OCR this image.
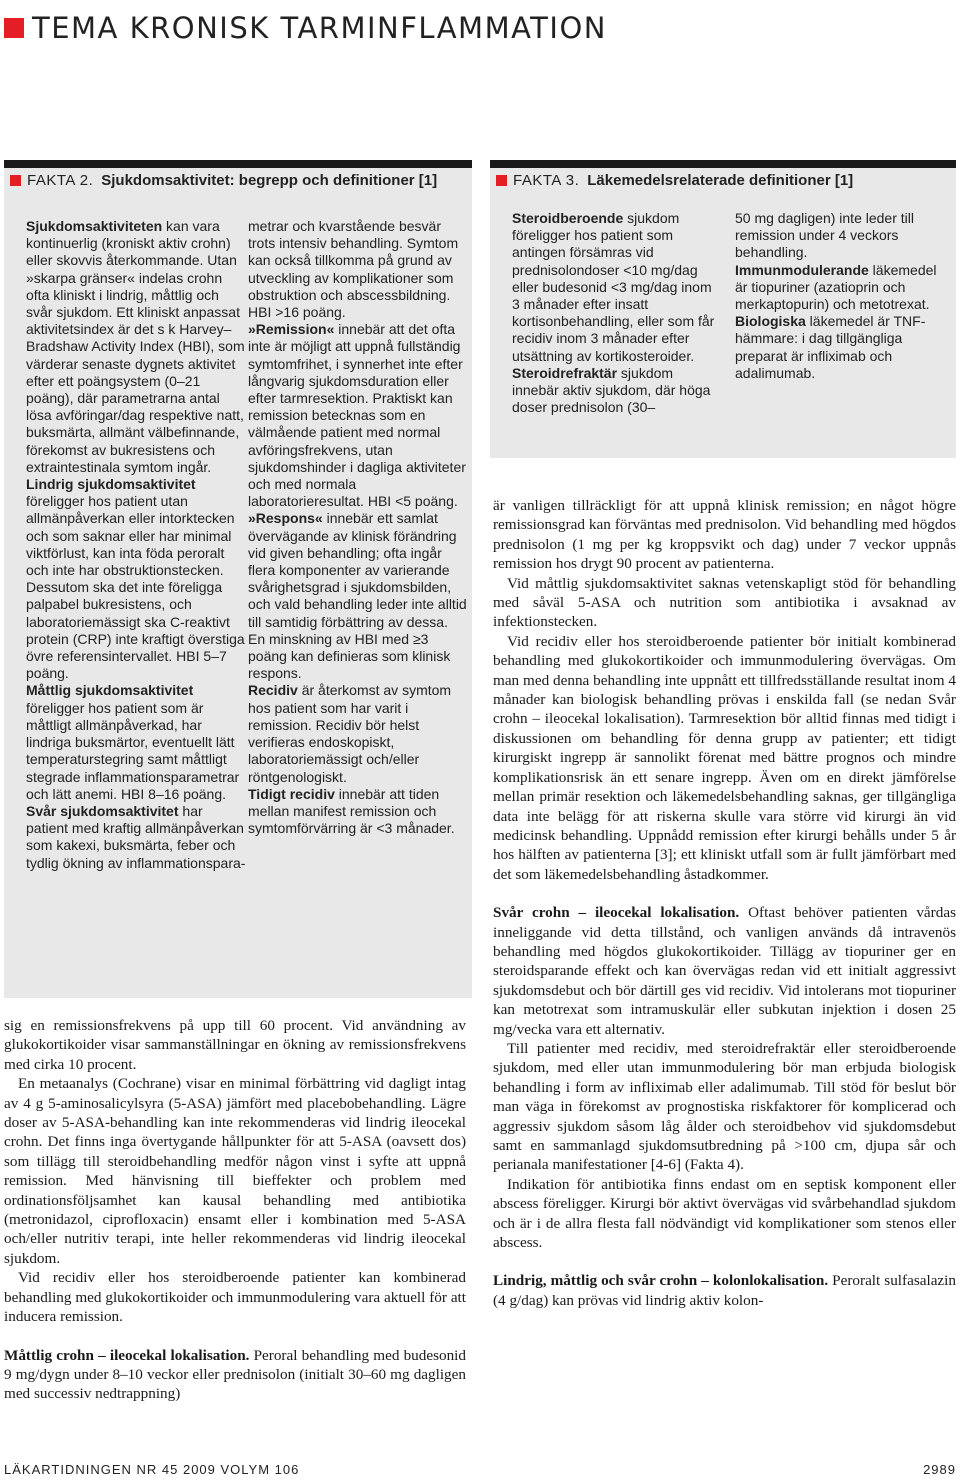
TEMA KRONISK TARMINFLAMMATION
FAKTA 2. Sjukdomsaktivitet: begrepp och definitioner [1]

Sjukdomsaktiviteten kan vara kontinuerlig (kroniskt aktiv crohn) eller skovvis återkommande. Utan »skarpa gränser« indelas crohn ofta kliniskt i lindrig, måttlig och svår sjukdom. Ett kliniskt anpassat aktivitetsindex är det s k Harvey–Bradshaw Activity Index (HBI), som värderar senaste dygnets aktivitet efter ett poängsystem (0–21 poäng), där parametrarna antal lösa avföringar/dag respektive natt, buksmärta, allmänt välbefinnande, förekomst av bukresistens och extraintestinala symtom ingår.

Lindrig sjukdomsaktivitet föreligger hos patient utan allmänpåverkan eller intorktecken och som saknar eller har minimal viktförlust, kan inta föda peroralt och inte har obstruktionstecken. Dessutom ska det inte föreligga palpabel bukresistens, och laboratoriemässigt ska C-reaktivt protein (CRP) inte kraftigt överstiga övre referensintervallet. HBI 5–7 poäng.

Måttlig sjukdomsaktivitet föreligger hos patient som är måttligt allmänpåverkad, har lindriga buksmärtor, eventuellt lätt temperaturstegring samt måttligt stegrade inflammationsparametrar och lätt anemi. HBI 8–16 poäng.

Svår sjukdomsaktivitet har patient med kraftig allmänpåverkan som kakexi, buksmärta, feber och tydlig ökning av inflammationspara-

metrar och kvarstående besvär trots intensiv behandling. Symtom kan också tillkomma på grund av utveckling av komplikationer som obstruktion och abscessbildning. HBI >16 poäng.

»Remission« innebär att det ofta inte är möjligt att uppnå fullständig symtomfrihet, i synnerhet inte efter långvarig sjukdomsduration eller efter tarmresektion. Praktiskt kan remission betecknas som en välmående patient med normal avföringsfrekvens, utan sjukdomshinder i dagliga aktiviteter och med normala laboratorieresultat. HBI <5 poäng.

»Respons« innebär ett samlat övervägande av klinisk förändring vid given behandling; ofta ingår flera komponenter av varierande svårighetsgrad i sjukdomsbilden, och vald behandling leder inte alltid till samtidig förbättring av dessa. En minskning av HBI med ≥3 poäng kan definieras som klinisk respons.

Recidiv är återkomst av symtom hos patient som har varit i remission. Recidiv bör helst verifieras endoskopiskt, laboratoriemässigt och/eller röntgenologiskt.

Tidigt recidiv innebär att tiden mellan manifest remission och symtomförvärring är <3 månader.

FAKTA 3. Läkemedelsrelaterade definitioner [1]

Steroidberoende sjukdom föreligger hos patient som antingen försämras vid prednisolondoser <10 mg/dag eller budesonid <3 mg/dag inom 3 månader efter insatt kortisonbehandling, eller som får recidiv inom 3 månader efter utsättning av kortikosteroider.

Steroidrefraktär sjukdom innebär aktiv sjukdom, där höga doser prednisolon (30–

50 mg dagligen) inte leder till remission under 4 veckors behandling.

Immunmodulerande läkemedel är tiopuriner (azatioprin och merkaptopurin) och metotrexat.

Biologiska läkemedel är TNF-hämmare: i dag tillgängliga preparat är infliximab och adalimumab.

sig en remissionsfrekvens på upp till 60 procent. Vid användning av glukokortikoider visar sammanställningar en ökning av remissionsfrekvens med cirka 10 procent.

En metaanalys (Cochrane) visar en minimal förbättring vid dagligt intag av 4 g 5-aminosalicylsyra (5-ASA) jämfört med placebobehandling. Lägre doser av 5-ASA-behandling kan inte rekommenderas vid lindrig ileocekal crohn. Det finns inga övertygande hållpunkter för att 5-ASA (oavsett dos) som tillägg till steroidbehandling medför någon vinst i syfte att uppnå remission. Med hänvisning till bieffekter och problem med ordinationsföljsamhet kan kausal behandling med antibiotika (metronidazol, ciprofloxacin) ensamt eller i kombination med 5-ASA och/eller nutritiv terapi, inte heller rekommenderas vid lindrig ileocekal sjukdom.

Vid recidiv eller hos steroidberoende patienter kan kombinerad behandling med glukokortikoider och immunmodulering vara aktuell för att inducera remission.

Måttlig crohn – ileocekal lokalisation. Peroral behandling med budesonid 9 mg/dygn under 8–10 veckor eller prednisolon (initialt 30–60 mg dagligen med successiv nedtrappning)

är vanligen tillräckligt för att uppnå klinisk remission; en något högre remissionsgrad kan förväntas med prednisolon. Vid behandling med högdos prednisolon (1 mg per kg kroppsvikt och dag) under 7 veckor uppnås remission hos drygt 90 procent av patienterna.

Vid måttlig sjukdomsaktivitet saknas vetenskapligt stöd för behandling med såväl 5-ASA och nutrition som antibiotika i avsaknad av infektionstecken.

Vid recidiv eller hos steroidberoende patienter bör initialt kombinerad behandling med glukokortikoider och immunmodulering övervägas. Om man med denna behandling inte uppnått ett tillfredsställande resultat inom 4 månader kan biologisk behandling prövas i enskilda fall (se nedan Svår crohn – ileocekal lokalisation). Tarmresektion bör alltid finnas med tidigt i diskussionen om behandling för denna grupp av patienter; ett tidigt kirurgiskt ingrepp är sannolikt förenat med bättre prognos och mindre komplikationsrisk än ett senare ingrepp. Även om en direkt jämförelse mellan primär resektion och läkemedelsbehandling saknas, ger tillgängliga data inte belägg för att riskerna skulle vara större vid kirurgi än vid medicinsk behandling. Uppnådd remission efter kirurgi behålls under 5 år hos hälften av patienterna [3]; ett kliniskt utfall som är fullt jämförbart med det som läkemedelsbehandling åstadkommer.

Svår crohn – ileocekal lokalisation. Oftast behöver patienten vårdas inneliggande vid detta tillstånd, och vanligen används då intravenös behandling med högdos glukokortikoider. Tillägg av tiopuriner ger en steroidsparande effekt och kan övervägas redan vid ett initialt aggressivt sjukdomsdebut och bör därtill ges vid recidiv. Vid intolerans mot tiopuriner kan metotrexat som intramuskulär eller subkutan injektion i dosen 25 mg/vecka vara ett alternativ.

Till patienter med recidiv, med steroidrefraktär eller steroidberoende sjukdom, med eller utan immunmodulering bör man erbjuda biologisk behandling i form av infliximab eller adalimumab. Till stöd för beslut bör man väga in förekomst av prognostiska riskfaktorer för komplicerad och aggressiv sjukdom såsom låg ålder och steroidbehov vid sjukdomsdebut samt en sammanlagd sjukdomsutbredning på >100 cm, djupa sår och perianala manifestationer [4-6] (Fakta 4).

Indikation för antibiotika finns endast om en septisk komponent eller abscess föreligger. Kirurgi bör aktivt övervägas vid svårbehandlad sjukdom och är i de allra flesta fall nödvändigt vid komplikationer som stenos eller abscess.

Lindrig, måttlig och svår crohn – kolonlokalisation. Peroralt sulfasalazin (4 g/dag) kan prövas vid lindrig aktiv kolon-

LÄKARTIDNINGEN NR 45 2009 VOLYM 106	2989
